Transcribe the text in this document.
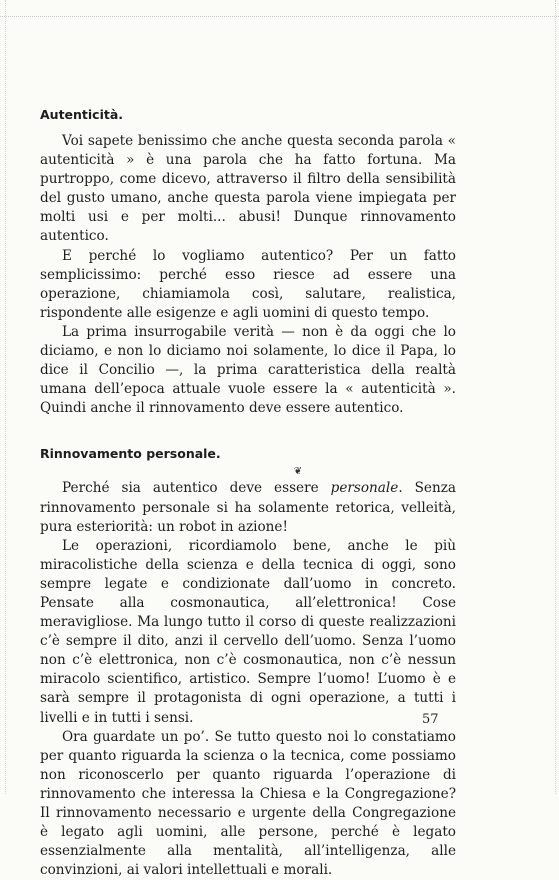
Autenticità.

Voi sapete benissimo che anche questa seconda parola « autenticità » è una parola che ha fatto fortuna. Ma purtroppo, come dicevo, attraverso il filtro della sensibilità del gusto umano, anche questa parola viene impiegata per molti usi e per molti... abusi! Dunque rinnovamento autentico.

E perché lo vogliamo autentico? Per un fatto semplicissimo: perché esso riesce ad essere una operazione, chiamiamola così, salutare, realistica, rispondente alle esigenze e agli uomini di questo tempo.

La prima insurrogabile verità — non è da oggi che lo diciamo, e non lo diciamo noi solamente, lo dice il Papa, lo dice il Concilio —, la prima caratteristica della realtà umana dell’epoca attuale vuole essere la « autenticità ». Quindi anche il rinnovamento deve essere autentico.

Rinnovamento personale.
❦

Perché sia autentico deve essere personale. Senza rinnovamento personale si ha solamente retorica, velleità, pura esteriorità: un robot in azione!

Le operazioni, ricordiamolo bene, anche le più miracolistiche della scienza e della tecnica di oggi, sono sempre legate e condizionate dall’uomo in concreto. Pensate alla cosmonautica, all’elettronica! Cose meravigliose. Ma lungo tutto il corso di queste realizzazioni c’è sempre il dito, anzi il cervello dell’uomo. Senza l’uomo non c’è elettronica, non c’è cosmonautica, non c’è nessun miracolo scientifico, artistico. Sempre l’uomo! L’uomo è e sarà sempre il protagonista di ogni operazione, a tutti i livelli e in tutti i sensi.

Ora guardate un po’. Se tutto questo noi lo constatiamo per quanto riguarda la scienza o la tecnica, come possiamo non riconoscerlo per quanto riguarda l’operazione di rinnovamento che interessa la Chiesa e la Congregazione? Il rinnovamento necessario e urgente della Congregazione è legato agli uomini, alle persone, perché è legato essenzialmente alla mentalità, all’intelligenza, alle convinzioni, ai valori intellettuali e morali.

57
